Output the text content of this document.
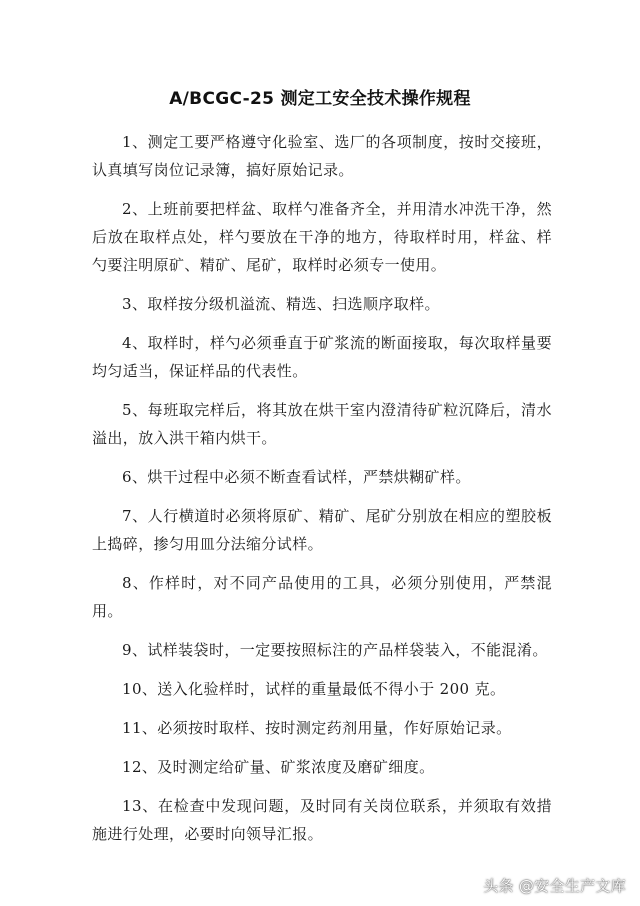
A/BCGC-25 测定工安全技术操作规程

1、测定工要严格遵守化验室、选厂的各项制度，按时交接班，认真填写岗位记录簿，搞好原始记录。

2、上班前要把样盆、取样勺准备齐全，并用清水冲洗干净，然后放在取样点处，样勺要放在干净的地方，待取样时用，样盆、样勺要注明原矿、精矿、尾矿，取样时必须专一使用。

3、取样按分级机溢流、精选、扫选顺序取样。

4、取样时，样勺必须垂直于矿浆流的断面接取，每次取样量要均匀适当，保证样品的代表性。

5、每班取完样后，将其放在烘干室内澄清待矿粒沉降后，清水溢出，放入洪干箱内烘干。

6、烘干过程中必须不断查看试样，严禁烘糊矿样。

7、人行横道时必须将原矿、精矿、尾矿分别放在相应的塑胶板上捣碎，掺匀用皿分法缩分试样。

8、作样时，对不同产品使用的工具，必须分别使用，严禁混用。

9、试样装袋时，一定要按照标注的产品样袋装入，不能混淆。

10、送入化验样时，试样的重量最低不得小于 200 克。

11、必须按时取样、按时测定药剂用量，作好原始记录。

12、及时测定给矿量、矿浆浓度及磨矿细度。

13、在检查中发现问题，及时同有关岗位联系，并须取有效措施进行处理，必要时向领导汇报。

头条 @安全生产文库
